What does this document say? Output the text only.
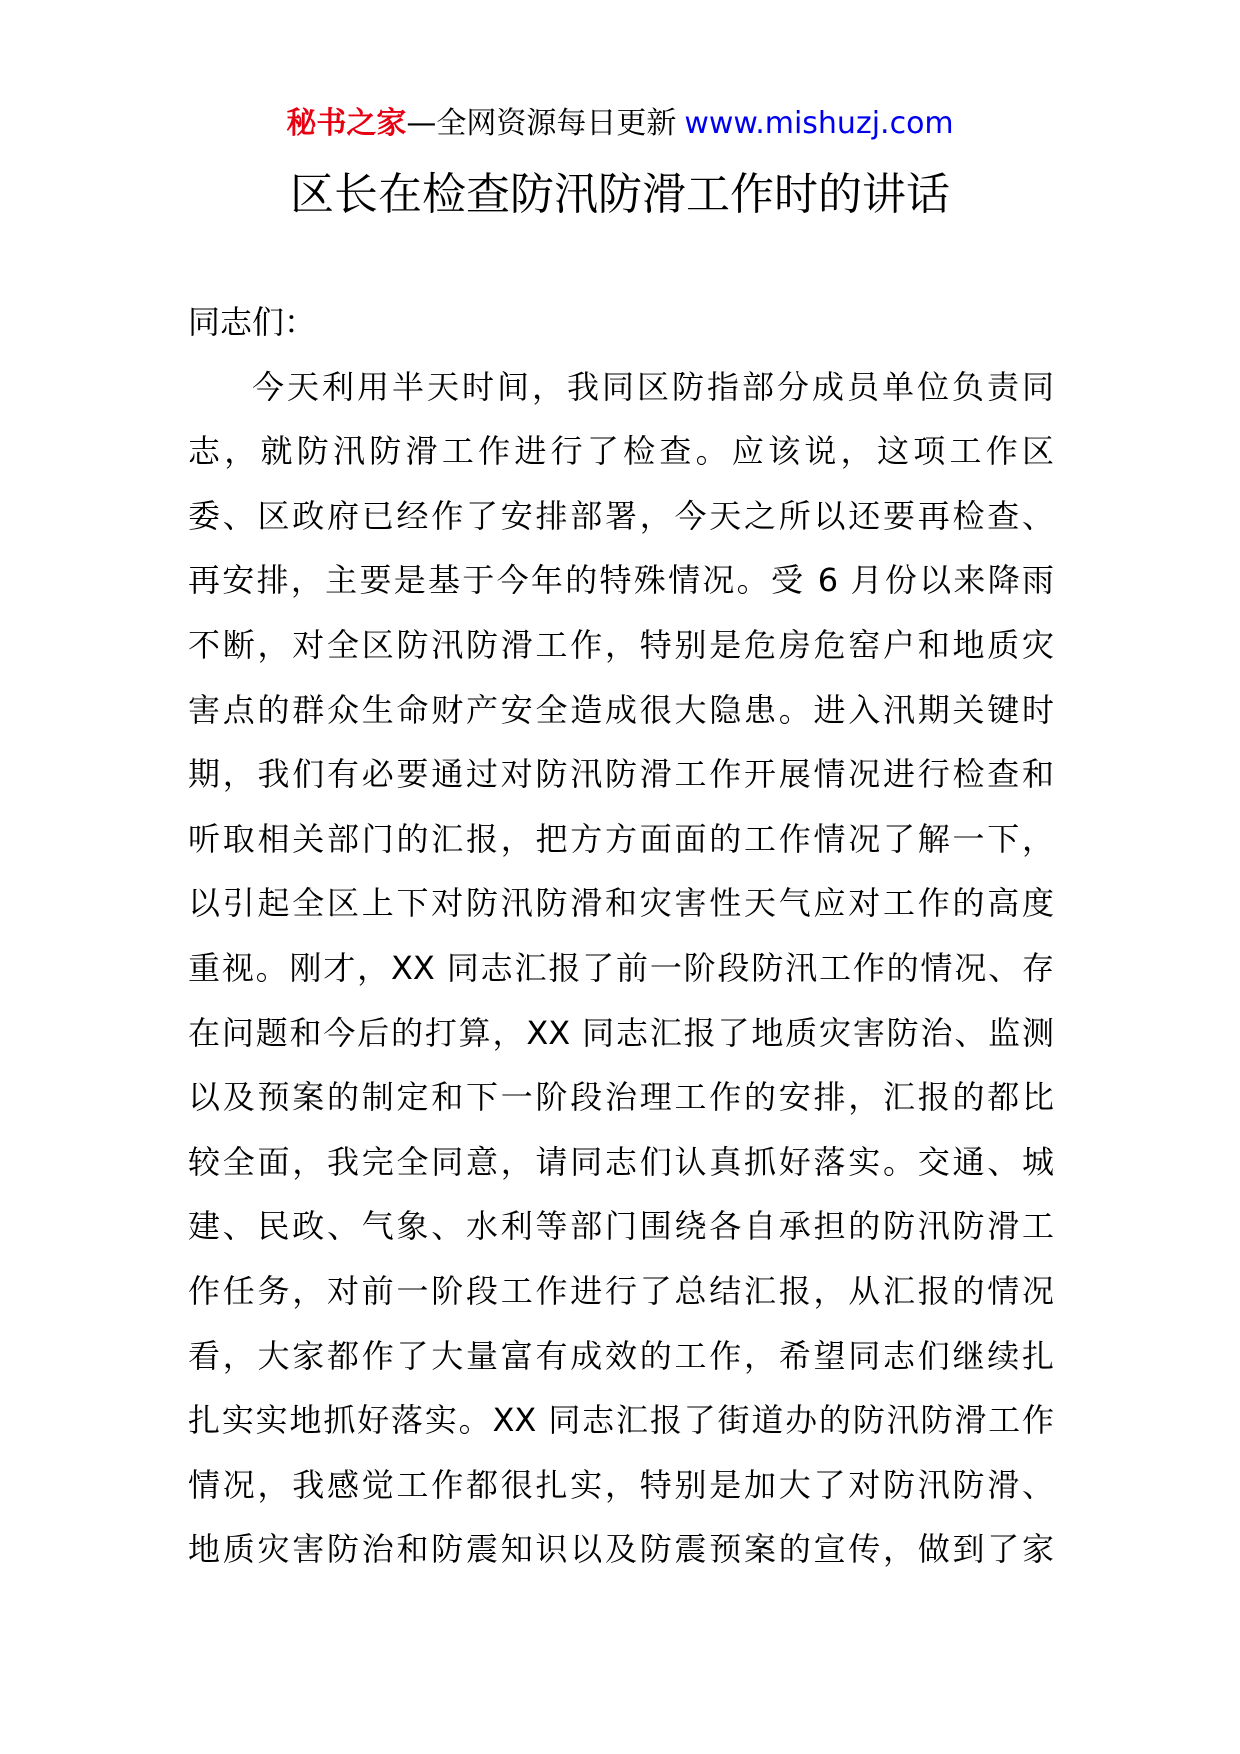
秘书之家—全网资源每日更新 www.mishuzj.com
区长在检查防汛防滑工作时的讲话

同志们：

今天利用半天时间，我同区防指部分成员单位负责同
志，就防汛防滑工作进行了检查。应该说，这项工作区
委、区政府已经作了安排部署，今天之所以还要再检查、
再安排，主要是基于今年的特殊情况。受 6 月份以来降雨
不断，对全区防汛防滑工作，特别是危房危窑户和地质灾
害点的群众生命财产安全造成很大隐患。进入汛期关键时
期，我们有必要通过对防汛防滑工作开展情况进行检查和
听取相关部门的汇报，把方方面面的工作情况了解一下，
以引起全区上下对防汛防滑和灾害性天气应对工作的高度
重视。刚才，XX 同志汇报了前一阶段防汛工作的情况、存
在问题和今后的打算，XX 同志汇报了地质灾害防治、监测
以及预案的制定和下一阶段治理工作的安排，汇报的都比
较全面，我完全同意，请同志们认真抓好落实。交通、城
建、民政、气象、水利等部门围绕各自承担的防汛防滑工
作任务，对前一阶段工作进行了总结汇报，从汇报的情况
看，大家都作了大量富有成效的工作，希望同志们继续扎
扎实实地抓好落实。XX 同志汇报了街道办的防汛防滑工作
情况，我感觉工作都很扎实，特别是加大了对防汛防滑、
地质灾害防治和防震知识以及防震预案的宣传，做到了家
